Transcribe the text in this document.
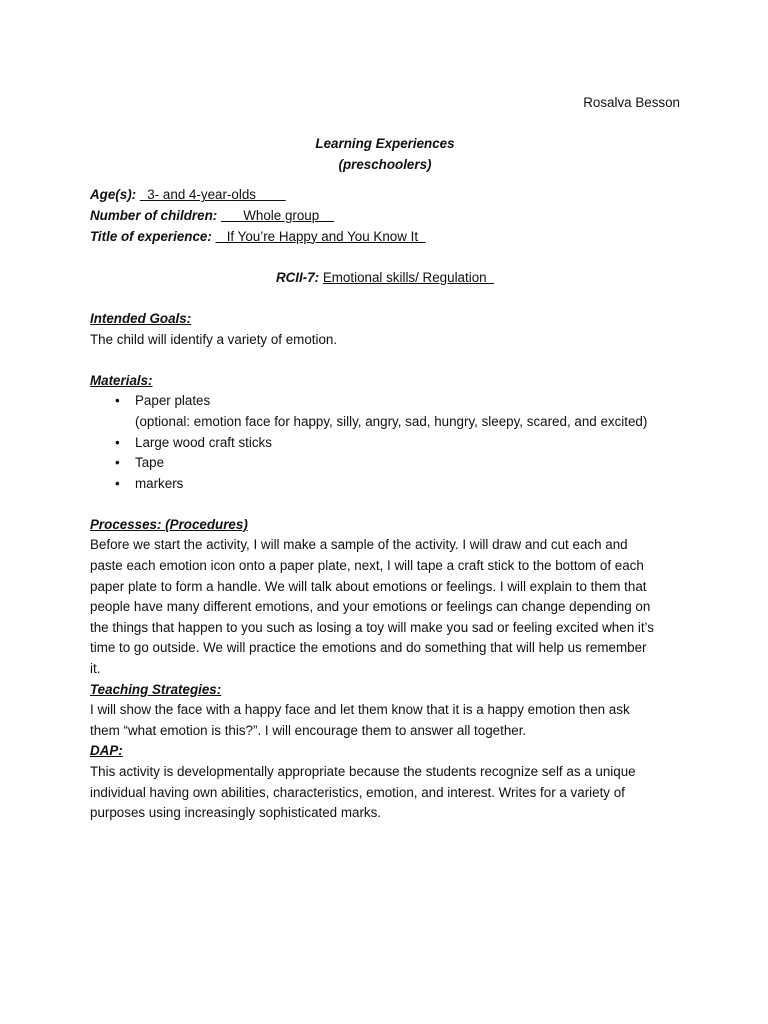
Rosalva Besson
Learning Experiences
(preschoolers)
Age(s):   3- and 4-year-olds
Number of children:       Whole group
Title of experience:    If You’re Happy and You Know It
RCII-7: Emotional skills/ Regulation
Intended Goals:
The child will identify a variety of emotion.
Materials:
• Paper plates
(optional: emotion face for happy, silly, angry, sad, hungry, sleepy, scared, and excited)
• Large wood craft sticks
• Tape
• markers
Processes: (Procedures)
Before we start the activity, I will make a sample of the activity. I will draw and cut each and
paste each emotion icon onto a paper plate, next, I will tape a craft stick to the bottom of each
paper plate to form a handle. We will talk about emotions or feelings. I will explain to them that
people have many different emotions, and your emotions or feelings can change depending on
the things that happen to you such as losing a toy will make you sad or feeling excited when it’s
time to go outside. We will practice the emotions and do something that will help us remember
it.
Teaching Strategies:
I will show the face with a happy face and let them know that it is a happy emotion then ask
them “what emotion is this?”. I will encourage them to answer all together.
DAP:
This activity is developmentally appropriate because the students recognize self as a unique
individual having own abilities, characteristics, emotion, and interest. Writes for a variety of
purposes using increasingly sophisticated marks.
